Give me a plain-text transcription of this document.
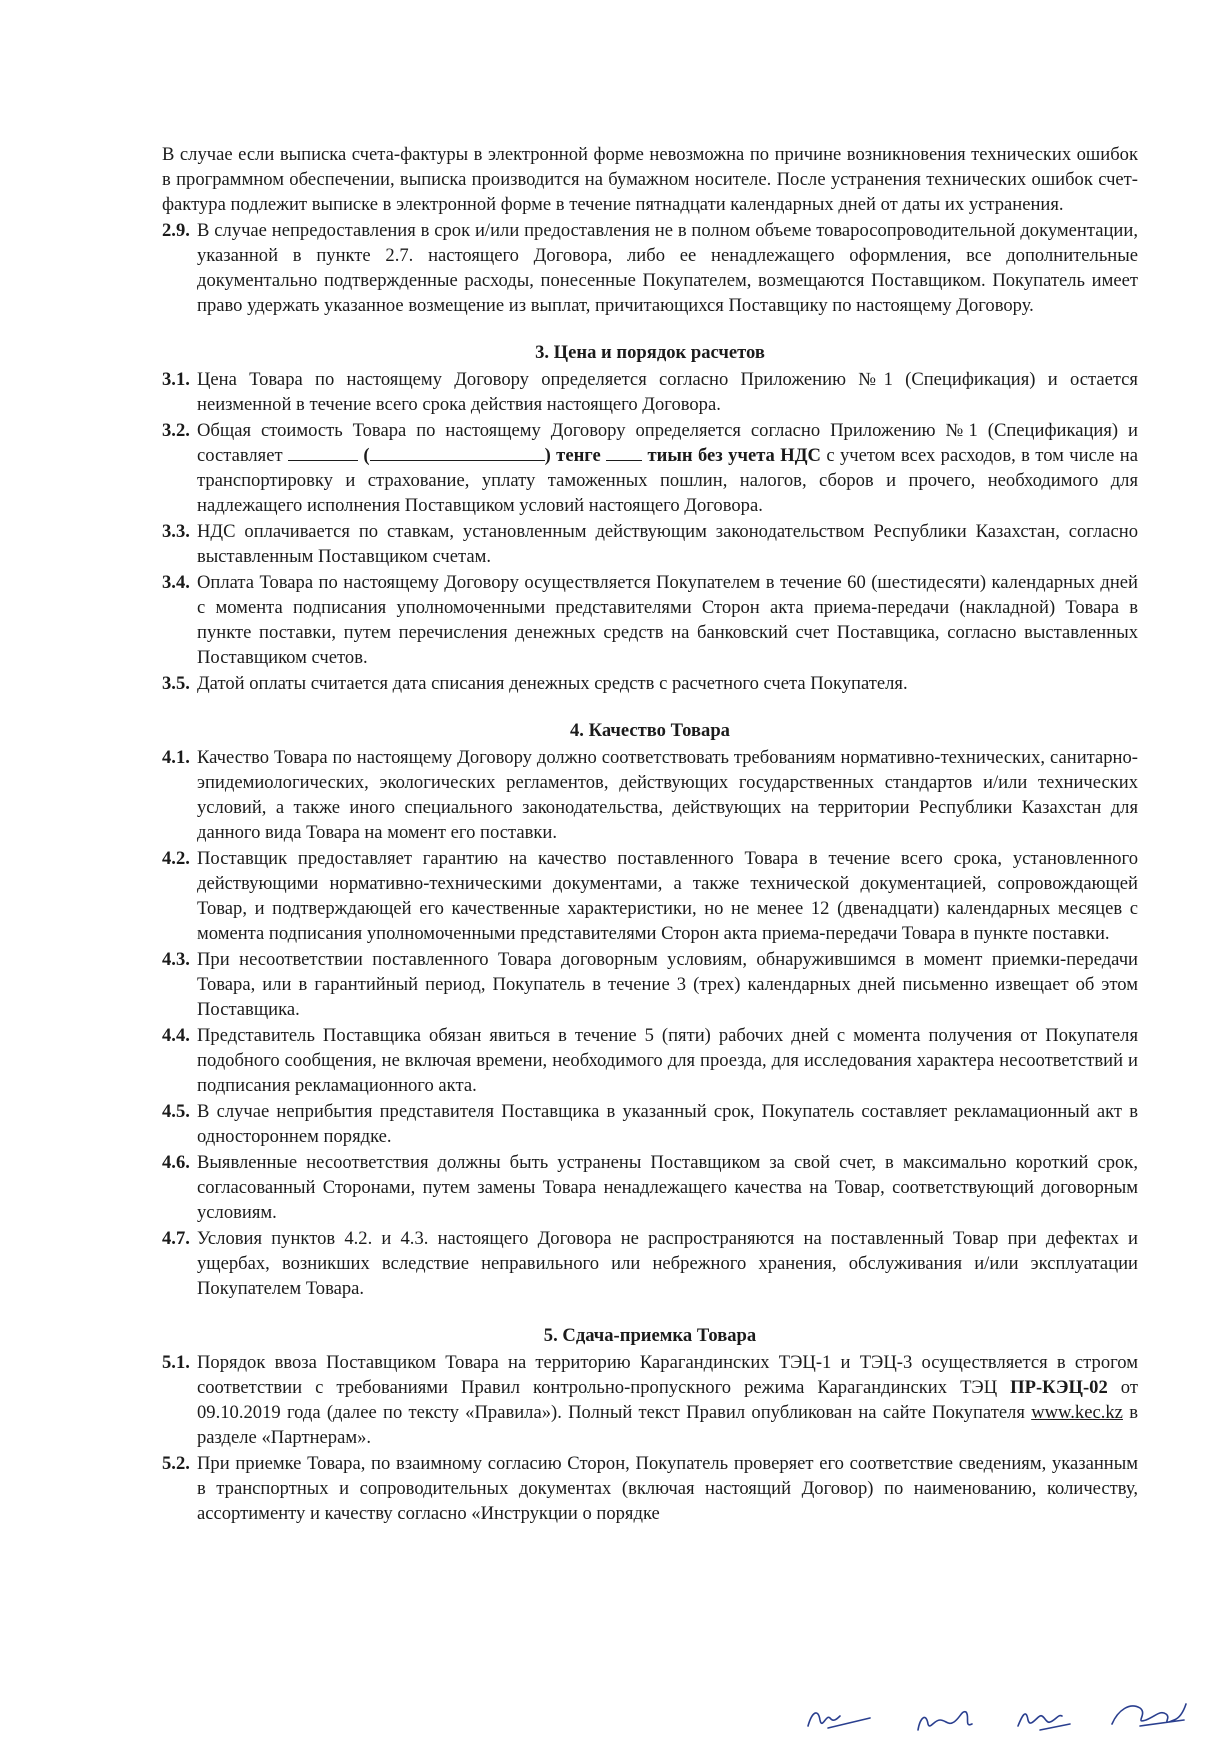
В случае если выписка счета-фактуры в электронной форме невозможна по причине возникновения технических ошибок в программном обеспечении, выписка производится на бумажном носителе. После устранения технических ошибок счет-фактура подлежит выписке в электронной форме в течение пятнадцати календарных дней от даты их устранения.
2.9. В случае непредоставления в срок и/или предоставления не в полном объеме товаросопроводительной документации, указанной в пункте 2.7. настоящего Договора, либо ее ненадлежащего оформления, все дополнительные документально подтвержденные расходы, понесенные Покупателем, возмещаются Поставщиком. Покупатель имеет право удержать указанное возмещение из выплат, причитающихся Поставщику по настоящему Договору.
3. Цена и порядок расчетов
3.1. Цена Товара по настоящему Договору определяется согласно Приложению №1 (Спецификация) и остается неизменной в течение всего срока действия настоящего Договора.
3.2. Общая стоимость Товара по настоящему Договору определяется согласно Приложению №1 (Спецификация) и составляет	(	) тенге	тиын без учета НДС с учетом всех расходов, в том числе на транспортировку и страхование, уплату таможенных пошлин, налогов, сборов и прочего, необходимого для надлежащего исполнения Поставщиком условий настоящего Договора.
3.3. НДС оплачивается по ставкам, установленным действующим законодательством Республики Казахстан, согласно выставленным Поставщиком счетам.
3.4. Оплата Товара по настоящему Договору осуществляется Покупателем в течение 60 (шестидесяти) календарных дней с момента подписания уполномоченными представителями Сторон акта приема-передачи (накладной) Товара в пункте поставки, путем перечисления денежных средств на банковский счет Поставщика, согласно выставленных Поставщиком счетов.
3.5. Датой оплаты считается дата списания денежных средств с расчетного счета Покупателя.
4. Качество Товара
4.1. Качество Товара по настоящему Договору должно соответствовать требованиям нормативно-технических, санитарно-эпидемиологических, экологических регламентов, действующих государственных стандартов и/или технических условий, а также иного специального законодательства, действующих на территории Республики Казахстан для данного вида Товара на момент его поставки.
4.2. Поставщик предоставляет гарантию на качество поставленного Товара в течение всего срока, установленного действующими нормативно-техническими документами, а также технической документацией, сопровождающей Товар, и подтверждающей его качественные характеристики, но не менее 12 (двенадцати) календарных месяцев с момента подписания уполномоченными представителями Сторон акта приема-передачи Товара в пункте поставки.
4.3. При несоответствии поставленного Товара договорным условиям, обнаружившимся в момент приемки-передачи Товара, или в гарантийный период, Покупатель в течение 3 (трех) календарных дней письменно извещает об этом Поставщика.
4.4. Представитель Поставщика обязан явиться в течение 5 (пяти) рабочих дней с момента получения от Покупателя подобного сообщения, не включая времени, необходимого для проезда, для исследования характера несоответствий и подписания рекламационного акта.
4.5. В случае неприбытия представителя Поставщика в указанный срок, Покупатель составляет рекламационный акт в одностороннем порядке.
4.6. Выявленные несоответствия должны быть устранены Поставщиком за свой счет, в максимально короткий срок, согласованный Сторонами, путем замены Товара ненадлежащего качества на Товар, соответствующий договорным условиям.
4.7. Условия пунктов 4.2. и 4.3. настоящего Договора не распространяются на поставленный Товар при дефектах и ущербах, возникших вследствие неправильного или небрежного хранения, обслуживания и/или эксплуатации Покупателем Товара.
5. Сдача-приемка Товара
5.1. Порядок ввоза Поставщиком Товара на территорию Карагандинских ТЭЦ-1 и ТЭЦ-3 осуществляется в строгом соответствии с требованиями Правил контрольно-пропускного режима Карагандинских ТЭЦ ПР-КЭЦ-02 от 09.10.2019 года (далее по тексту «Правила»). Полный текст Правил опубликован на сайте Покупателя www.kec.kz в разделе «Партнерам».
5.2. При приемке Товара, по взаимному согласию Сторон, Покупатель проверяет его соответствие сведениям, указанным в транспортных и сопроводительных документах (включая настоящий Договор) по наименованию, количеству, ассортименту и качеству согласно «Инструкции о порядке
